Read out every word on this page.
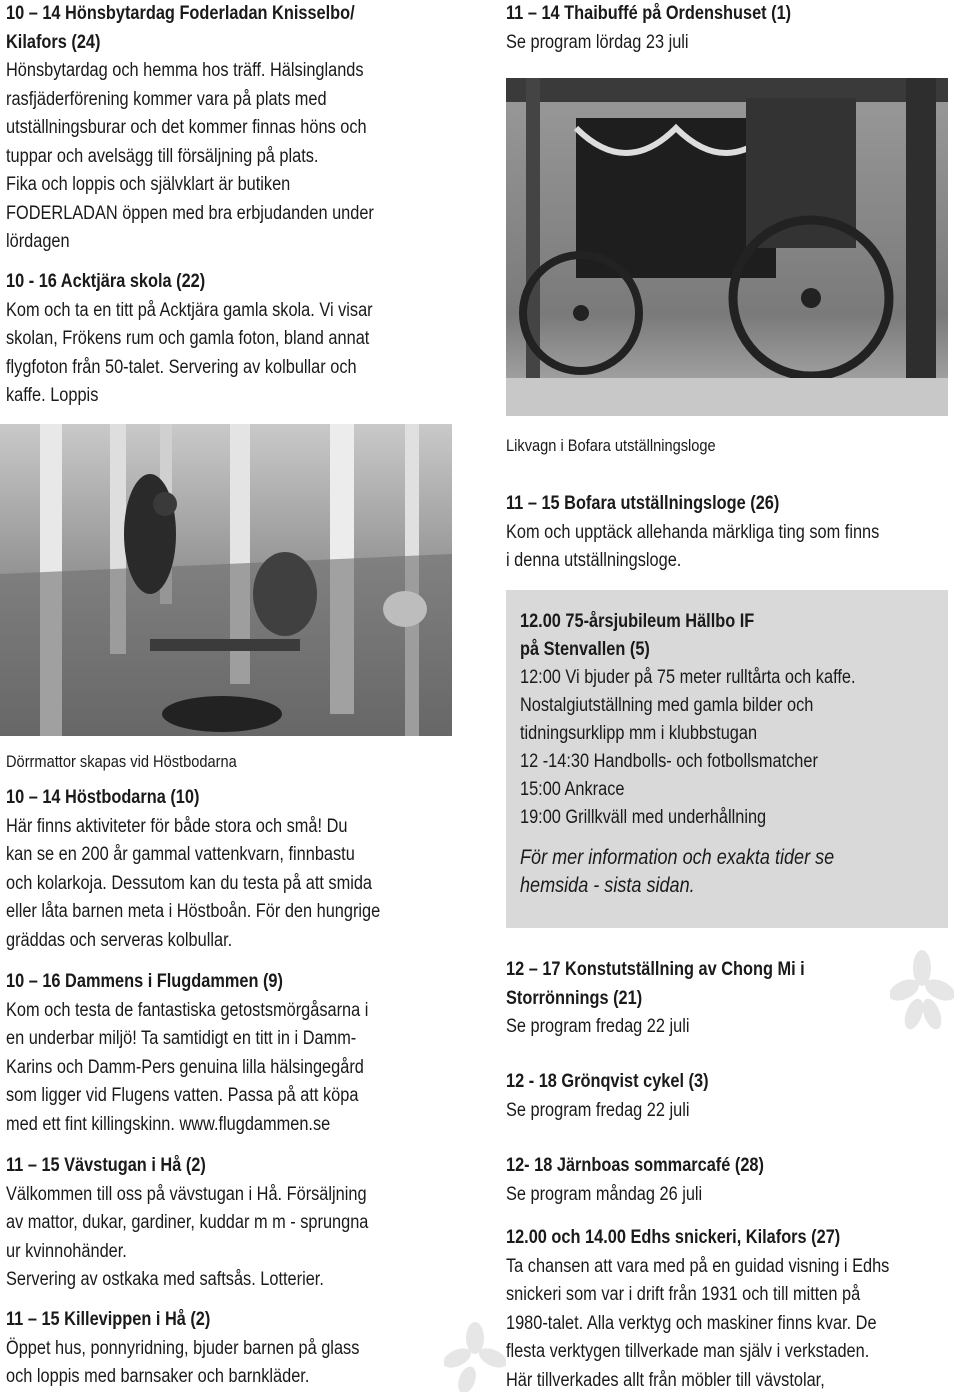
10 – 14 Hönsbytardag Foderladan Knisselbo/
Kilafors (24)

Hönsbytardag och hemma hos träff. Hälsinglands

rasfjäderförening kommer vara på plats med

utställningsburar och det kommer finnas höns och

tuppar och avelsägg till försäljning på plats.

Fika och loppis och självklart är butiken

FODERLADAN öppen med bra erbjudanden under

lördagen

10 - 16 Acktjära skola (22)

Kom och ta en titt på Acktjära gamla skola. Vi visar

skolan, Frökens rum och gamla foton, bland annat

flygfoton från 50-talet. Servering av kolbullar och

kaffe. Loppis

Dörrmattor skapas vid Höstbodarna
10 – 14 Höstbodarna (10)

Här finns aktiviteter för både stora och små! Du

kan se en 200 år gammal vattenkvarn, finnbastu

och kolarkoja. Dessutom kan du testa på att smida

eller låta barnen meta i Höstboån. För den hungrige

gräddas och serveras kolbullar.

10 – 16 Dammens i Flugdammen (9)

Kom och testa de fantastiska getostsmörgåsarna i

en underbar miljö! Ta samtidigt en titt in i Damm-

Karins och Damm-Pers genuina lilla hälsingegård

som ligger vid Flugens vatten. Passa på att köpa

med ett fint killingskinn. www.flugdammen.se

11 – 15 Vävstugan i Hå (2)

Välkommen till oss på vävstugan i Hå. Försäljning

av mattor, dukar, gardiner, kuddar m m - sprungna

ur kvinnohänder.

Servering av ostkaka med saftsås. Lotterier.

11 – 15 Killevippen i Hå (2)

Öppet hus, ponnyridning, bjuder barnen på glass

och loppis med barnsaker och barnkläder.

11 – 14 Thaibuffé på Ordenshuset (1)

Se program lördag 23 juli

Likvagn i Bofara utställningsloge
11 – 15 Bofara utställningsloge (26)

Kom och upptäck allehanda märkliga ting som finns

i denna utställningsloge.

12 – 17 Konstutställning av Chong Mi i
Storrönnings (21)

Se program fredag 22 juli

12 - 18 Grönqvist cykel (3)

Se program fredag 22 juli

12- 18 Järnboas sommarcafé (28)

Se program måndag 26 juli

12.00 och 14.00 Edhs snickeri, Kilafors (27)

Ta chansen att vara med på en guidad visning i Edhs

snickeri som var i drift från 1931 och till mitten på

1980-talet. Alla verktyg och maskiner finns kvar. De

flesta verktygen tillverkade man själv i verkstaden.

Här tillverkades allt från möbler till vävstolar,

12.00 75-årsjubileum Hällbo IF
på Stenvallen (5)

12:00 Vi bjuder på 75 meter rulltårta och kaffe.

Nostalgiutställning med gamla bilder och

tidningsurklipp mm i klubbstugan

12 -14:30 Handbolls- och fotbollsmatcher

15:00 Ankrace

19:00 Grillkväll med underhållning

För mer information och exakta tider se

hemsida - sista sidan.
